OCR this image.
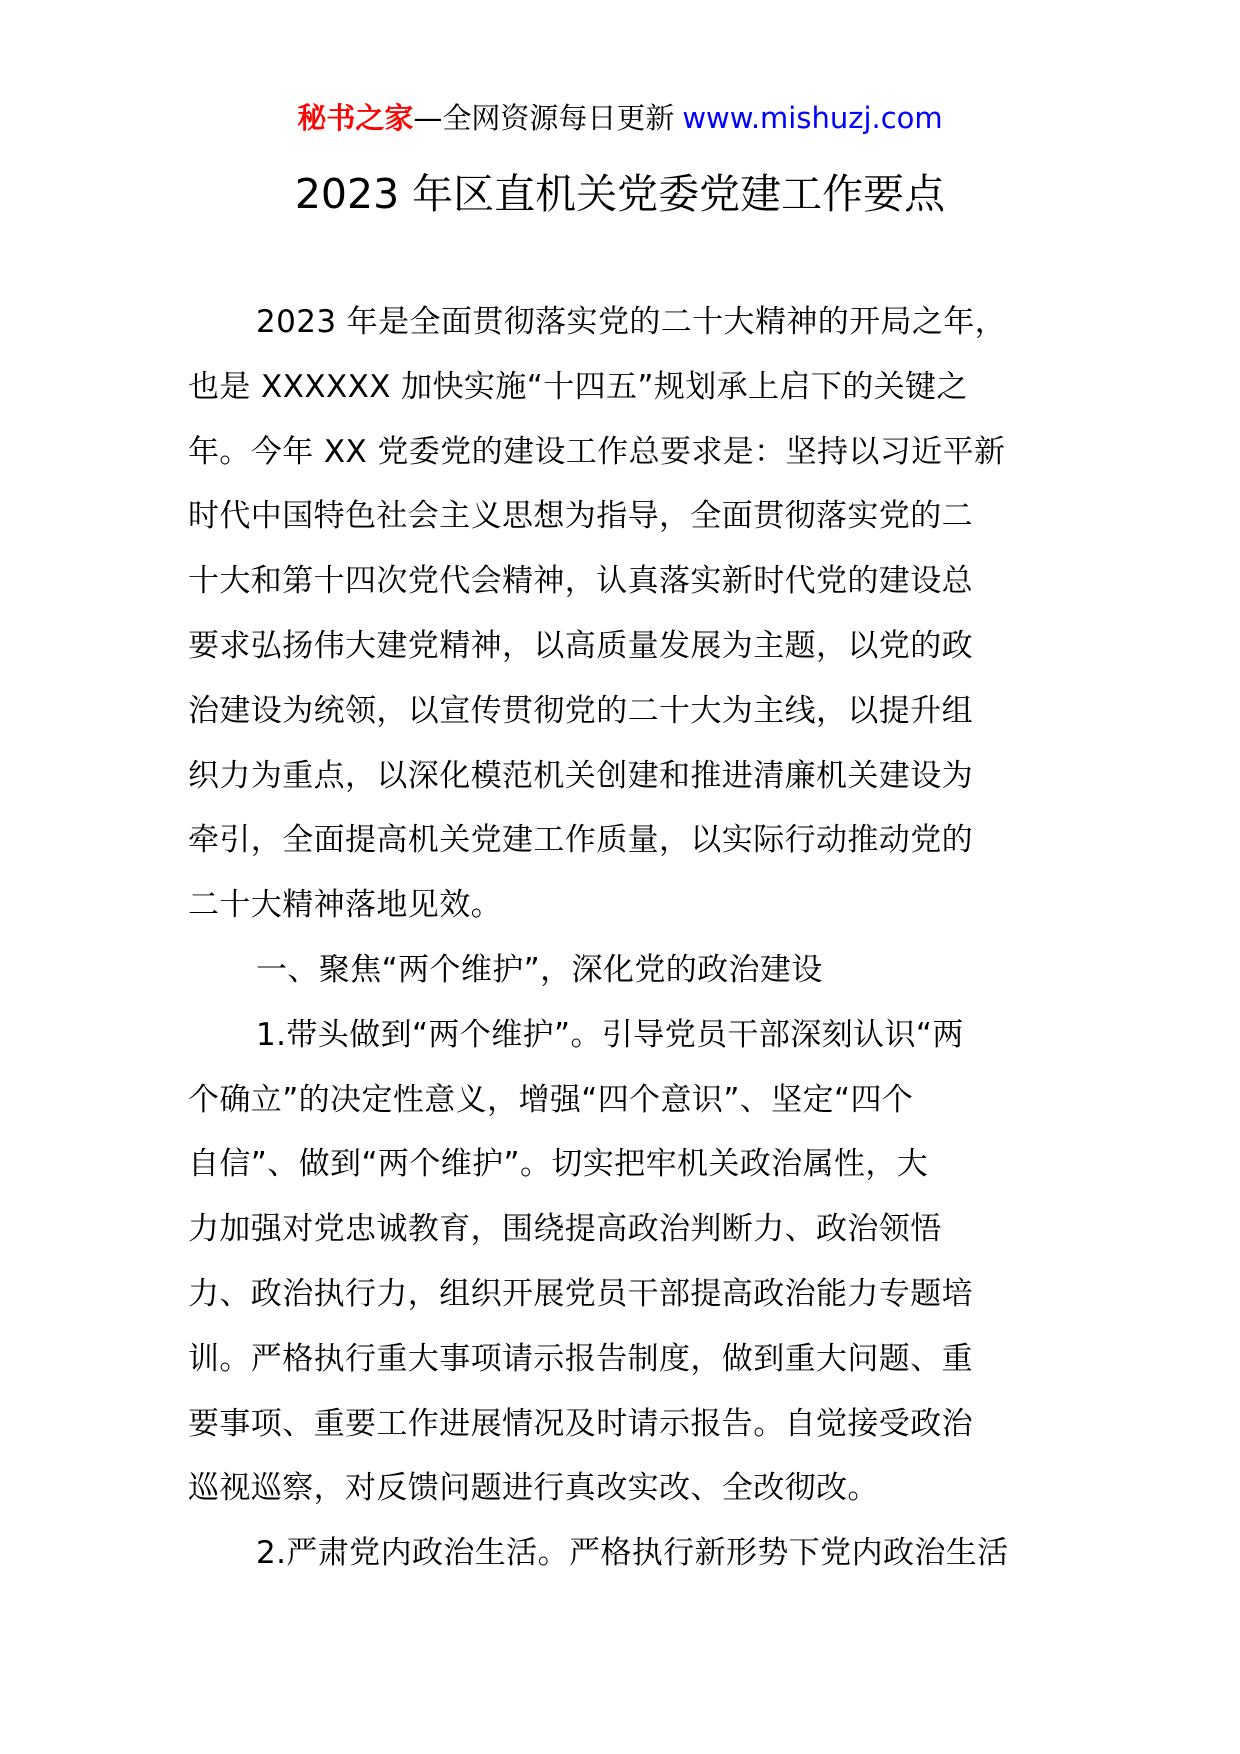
秘书之家—全网资源每日更新 www.mishuzj.com
2023 年区直机关党委党建工作要点
2023 年是全面贯彻落实党的二十大精神的开局之年，
也是 XXXXXX 加快实施“十四五”规划承上启下的关键之
年。今年 XX 党委党的建设工作总要求是：坚持以习近平新
时代中国特色社会主义思想为指导，全面贯彻落实党的二
十大和第十四次党代会精神，认真落实新时代党的建设总
要求弘扬伟大建党精神，以高质量发展为主题，以党的政
治建设为统领，以宣传贯彻党的二十大为主线，以提升组
织力为重点，以深化模范机关创建和推进清廉机关建设为
牵引，全面提高机关党建工作质量，以实际行动推动党的
二十大精神落地见效。
一、聚焦“两个维护”，深化党的政治建设
1.带头做到“两个维护”。引导党员干部深刻认识“两
个确立”的决定性意义，增强“四个意识”、坚定“四个
自信”、做到“两个维护”。切实把牢机关政治属性，大
力加强对党忠诚教育，围绕提高政治判断力、政治领悟
力、政治执行力，组织开展党员干部提高政治能力专题培
训。严格执行重大事项请示报告制度，做到重大问题、重
要事项、重要工作进展情况及时请示报告。自觉接受政治
巡视巡察，对反馈问题进行真改实改、全改彻改。
2.严肃党内政治生活。严格执行新形势下党内政治生活
